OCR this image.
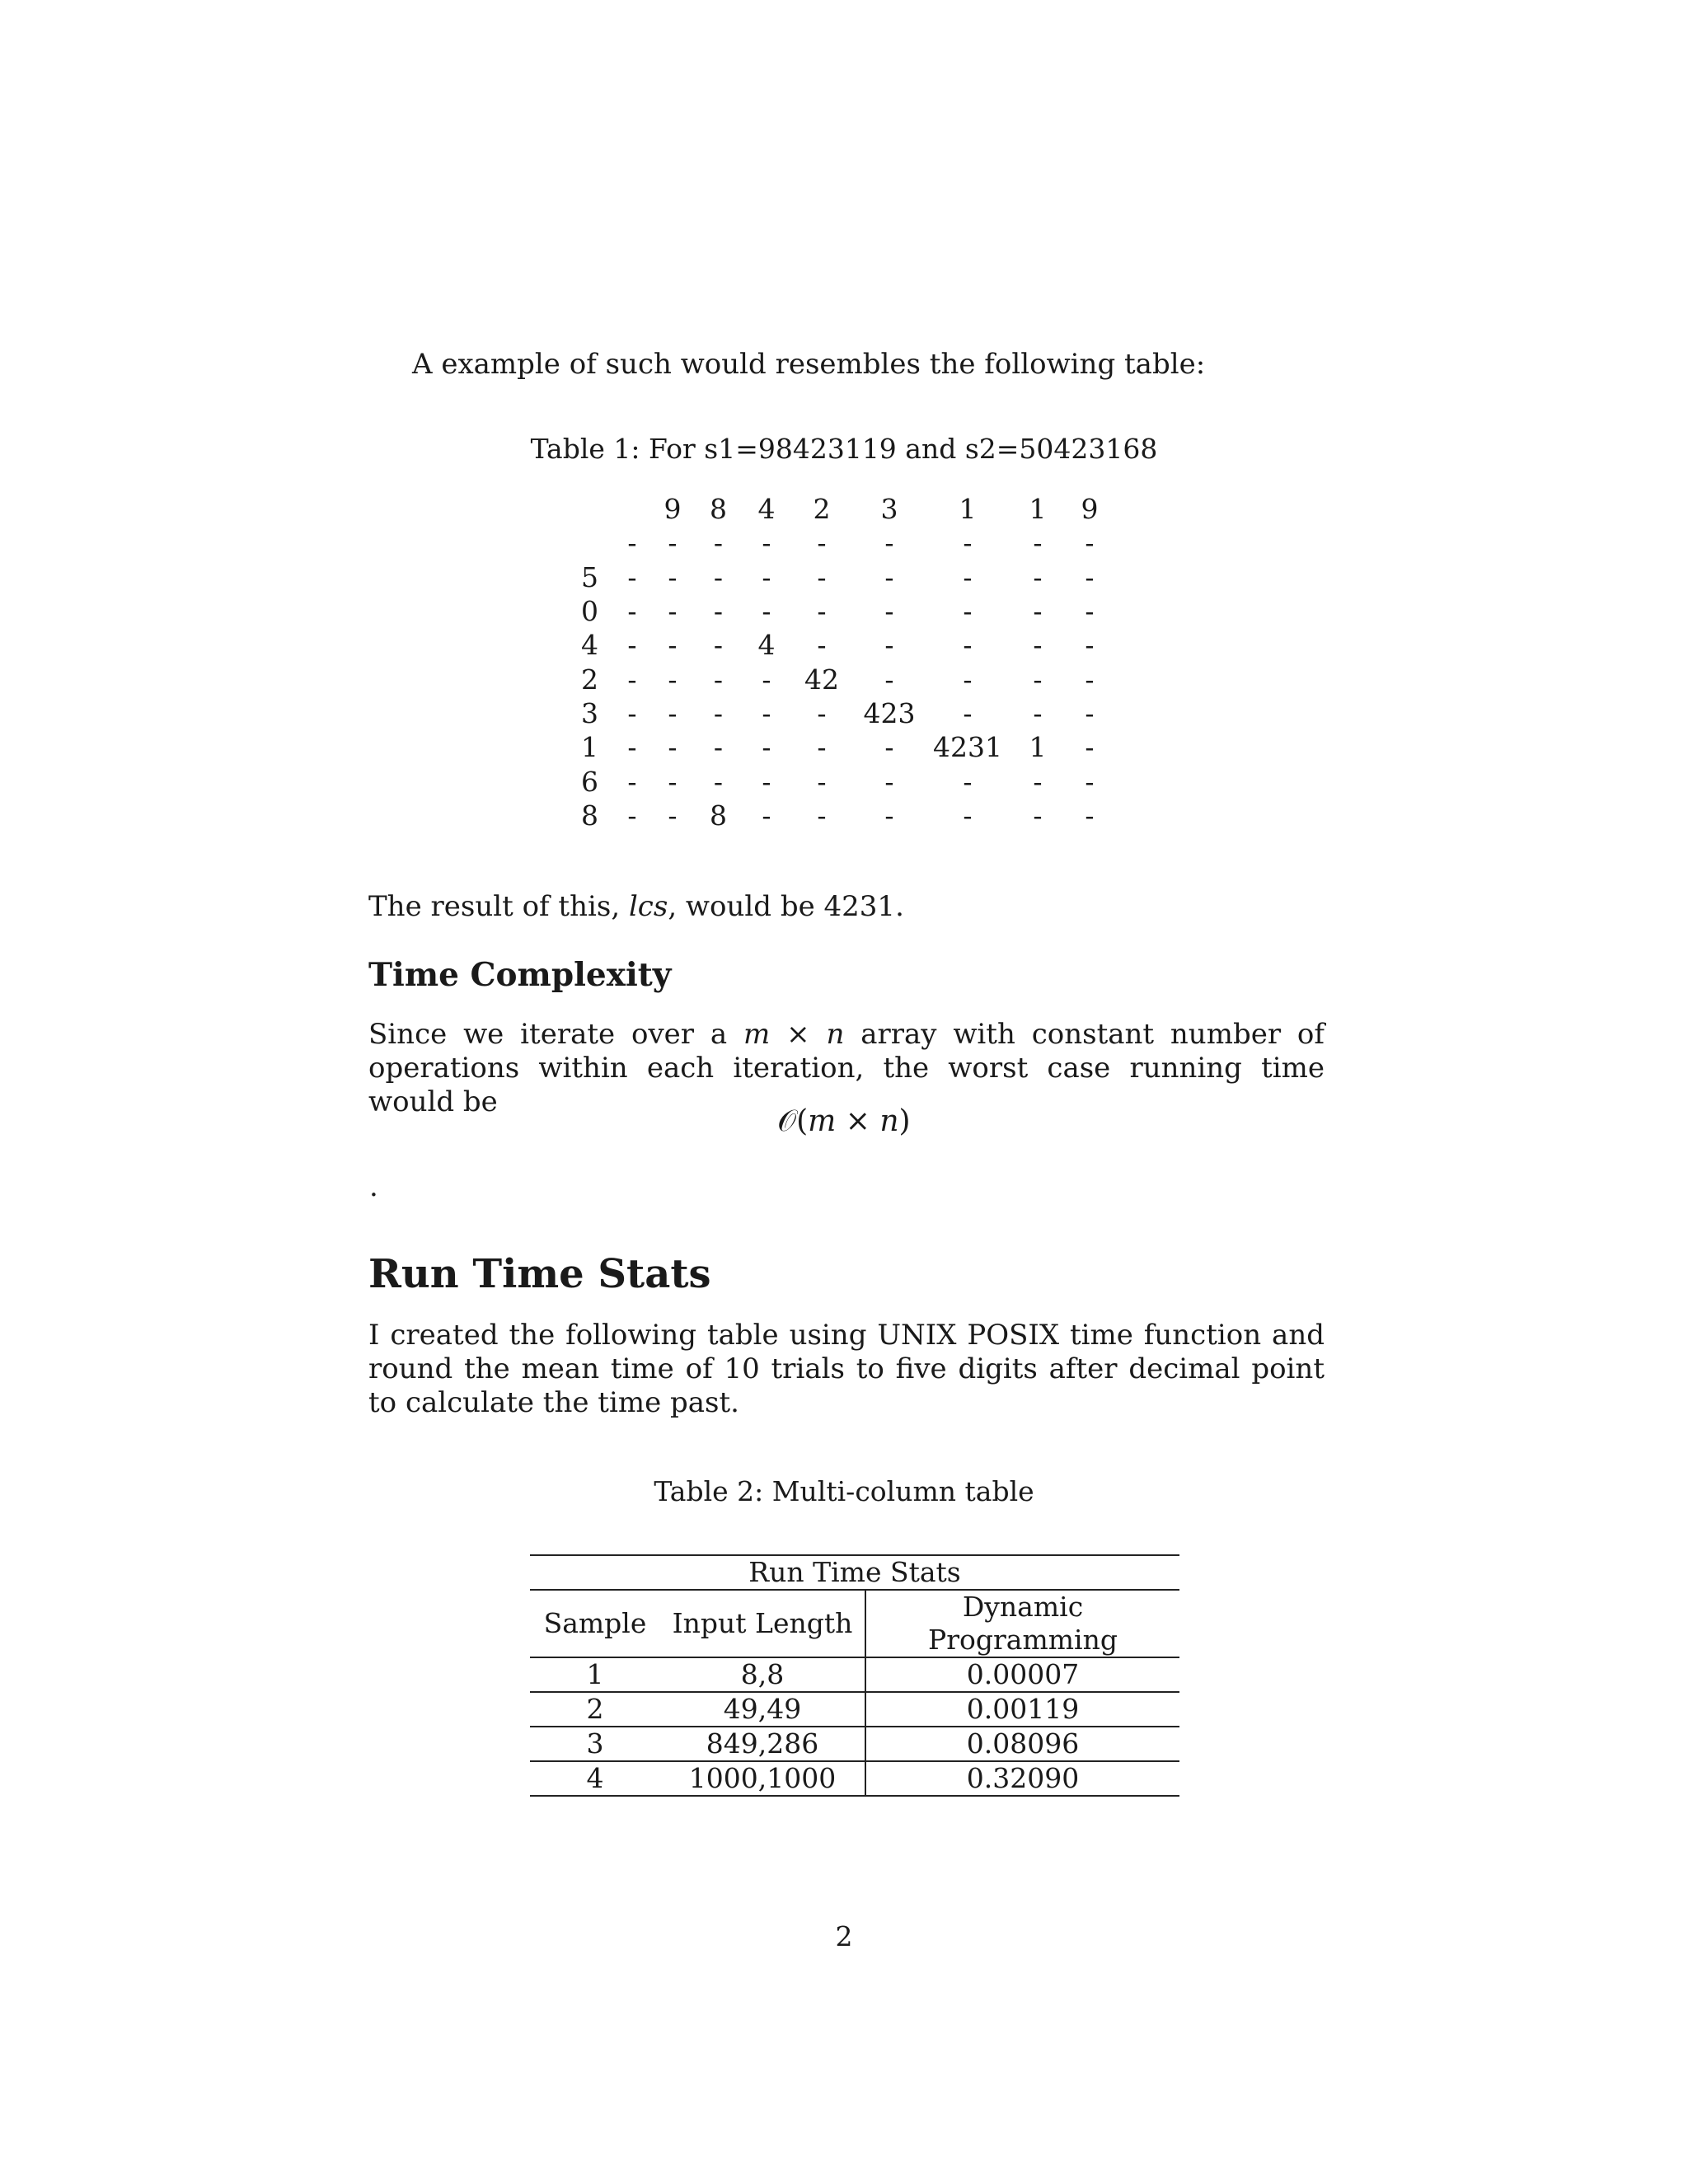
A example of such would resembles the following table:
Table 1: For s1=98423119 and s2=50423168
		9	8	4	2	3	1	1	9
	-	-	-	-	-	-	-	-	-
5	-	-	-	-	-	-	-	-	-
0	-	-	-	-	-	-	-	-	-
4	-	-	-	4	-	-	-	-	-
2	-	-	-	-	42	-	-	-	-
3	-	-	-	-	-	423	-	-	-
1	-	-	-	-	-	-	4231	1	-
6	-	-	-	-	-	-	-	-	-
8	-	-	8	-	-	-	-	-	-
The result of this, lcs, would be 4231.
Time Complexity
Since we iterate over a m × n array with constant number of operations within each iteration, the worst case running time would be
𝒪(m × n)
.
Run Time Stats
I created the following table using UNIX POSIX time function and round the mean time of 10 trials to five digits after decimal point to calculate the time past.
Table 2: Multi-column table
Run Time Stats		
Sample	Input Length	Dynamic Programming
1	8,8	0.00007
2	49,49	0.00119
3	849,286	0.08096
4	1000,1000	0.32090
2
